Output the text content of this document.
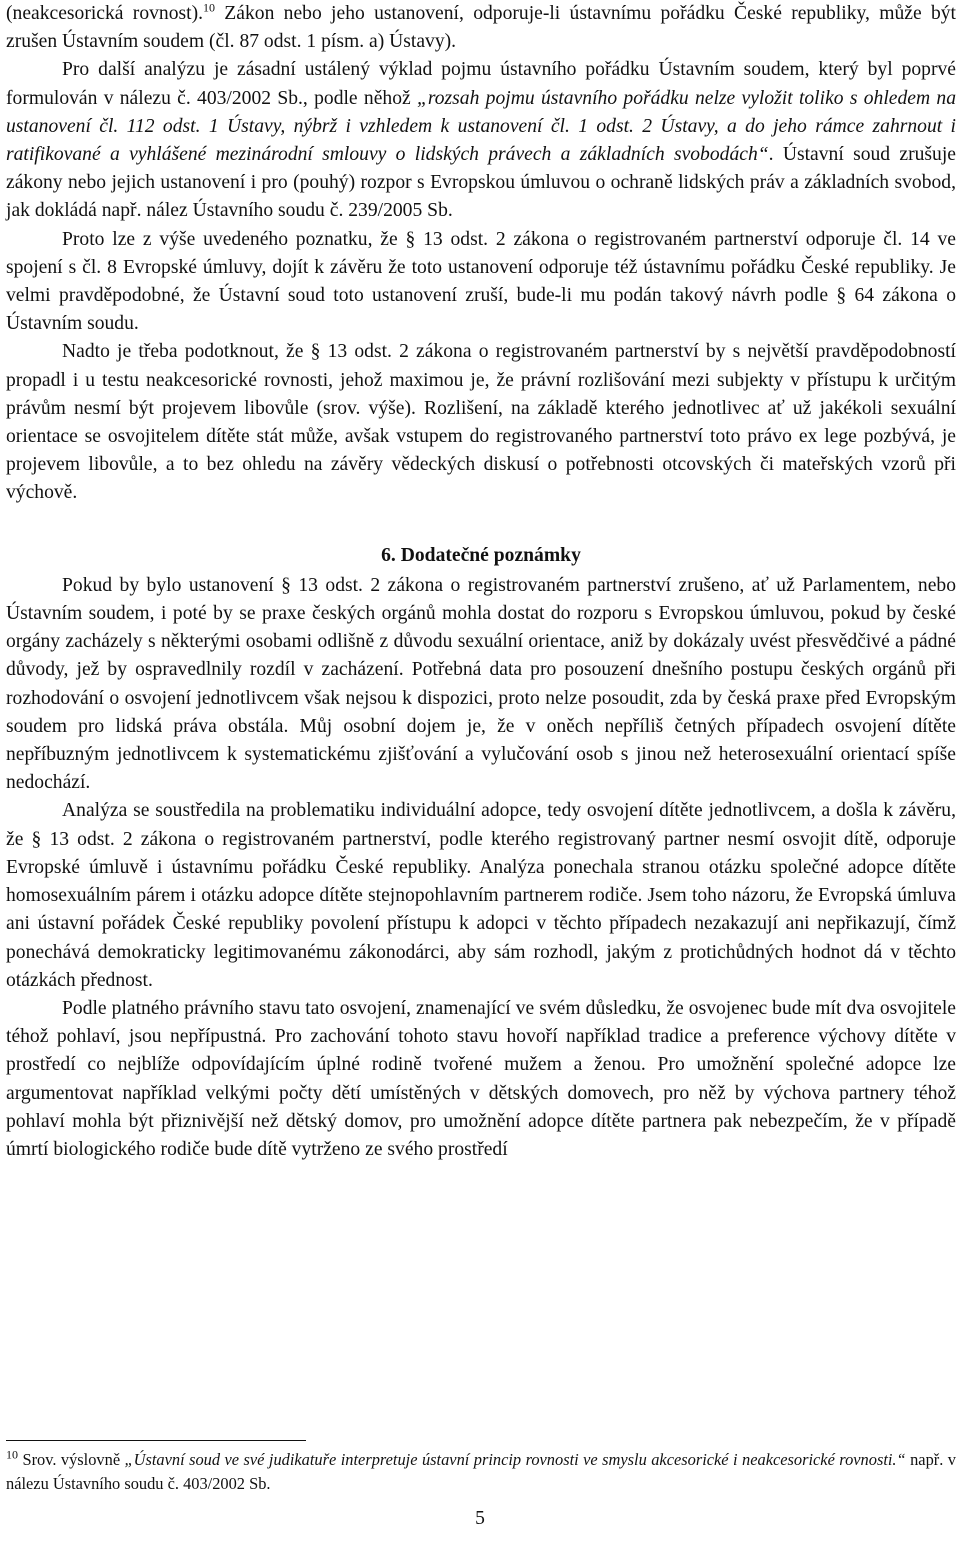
(neakcesorická rovnost).$^{10}$ Zákon nebo jeho ustanovení, odporuje-li ústavnímu pořádku České republiky, může být zrušen Ústavním soudem (čl. 87 odst. 1 písm. a) Ústavy).

Pro další analýzu je zásadní ustálený výklad pojmu ústavního pořádku Ústavním soudem, který byl poprvé formulován v nálezu č. 403/2002 Sb., podle něhož „rozsah pojmu ústavního pořádku nelze vyložit toliko s ohledem na ustanovení čl. 112 odst. 1 Ústavy, nýbrž i vzhledem k ustanovení čl. 1 odst. 2 Ústavy, a do jeho rámce zahrnout i ratifikované a vyhlášené mezinárodní smlouvy o lidských právech a základních svobodách“. Ústavní soud zrušuje zákony nebo jejich ustanovení i pro (pouhý) rozpor s Evropskou úmluvou o ochraně lidských práv a základních svobod, jak dokládá např. nález Ústavního soudu č. 239/2005 Sb.

Proto lze z výše uvedeného poznatku, že § 13 odst. 2 zákona o registrovaném partnerství odporuje čl. 14 ve spojení s čl. 8 Evropské úmluvy, dojít k závěru že toto ustanovení odporuje též ústavnímu pořádku České republiky. Je velmi pravděpodobné, že Ústavní soud toto ustanovení zruší, bude-li mu podán takový návrh podle § 64 zákona o Ústavním soudu.

Nadto je třeba podotknout, že § 13 odst. 2 zákona o registrovaném partnerství by s největší pravděpodobností propadl i u testu neakcesorické rovnosti, jehož maximou je, že právní rozlišování mezi subjekty v přístupu k určitým právům nesmí být projevem libovůle (srov. výše). Rozlišení, na základě kterého jednotlivec ať už jakékoli sexuální orientace se osvojitelem dítěte stát může, avšak vstupem do registrovaného partnerství toto právo ex lege pozbývá, je projevem libovůle, a to bez ohledu na závěry vědeckých diskusí o potřebnosti otcovských či mateřských vzorů při výchově.

6. Dodatečné poznámky

Pokud by bylo ustanovení § 13 odst. 2 zákona o registrovaném partnerství zrušeno, ať už Parlamentem, nebo Ústavním soudem, i poté by se praxe českých orgánů mohla dostat do rozporu s Evropskou úmluvou, pokud by české orgány zacházely s některými osobami odlišně z důvodu sexuální orientace, aniž by dokázaly uvést přesvědčivé a pádné důvody, jež by ospravedlnily rozdíl v zacházení. Potřebná data pro posouzení dnešního postupu českých orgánů při rozhodování o osvojení jednotlivcem však nejsou k dispozici, proto nelze posoudit, zda by česká praxe před Evropským soudem pro lidská práva obstála. Můj osobní dojem je, že v oněch nepříliš četných případech osvojení dítěte nepříbuzným jednotlivcem k systematickému zjišťování a vylučování osob s jinou než heterosexuální orientací spíše nedochází.

Analýza se soustředila na problematiku individuální adopce, tedy osvojení dítěte jednotlivcem, a došla k závěru, že § 13 odst. 2 zákona o registrovaném partnerství, podle kterého registrovaný partner nesmí osvojit dítě, odporuje Evropské úmluvě i ústavnímu pořádku České republiky. Analýza ponechala stranou otázku společné adopce dítěte homosexuálním párem i otázku adopce dítěte stejnopohlavním partnerem rodiče. Jsem toho názoru, že Evropská úmluva ani ústavní pořádek České republiky povolení přístupu k adopci v těchto případech nezakazují ani nepřikazují, čímž ponechává demokraticky legitimovanému zákonodárci, aby sám rozhodl, jakým z protichůdných hodnot dá v těchto otázkách přednost.

Podle platného právního stavu tato osvojení, znamenající ve svém důsledku, že osvojenec bude mít dva osvojitele téhož pohlaví, jsou nepřípustná. Pro zachování tohoto stavu hovoří například tradice a preference výchovy dítěte v prostředí co nejblíže odpovídajícím úplné rodině tvořené mužem a ženou. Pro umožnění společné adopce lze argumentovat například velkými počty dětí umístěných v dětských domovech, pro něž by výchova partnery téhož pohlaví mohla být přiznivější než dětský domov, pro umožnění adopce dítěte partnera pak nebezpečím, že v případě úmrtí biologického rodiče bude dítě vytrženo ze svého prostředí

$^{10}$ Srov. výslovně „Ústavní soud ve své judikatuře interpretuje ústavní princip rovnosti ve smyslu akcesorické i neakcesorické rovnosti.“ např. v nálezu Ústavního soudu č. 403/2002 Sb.
5
